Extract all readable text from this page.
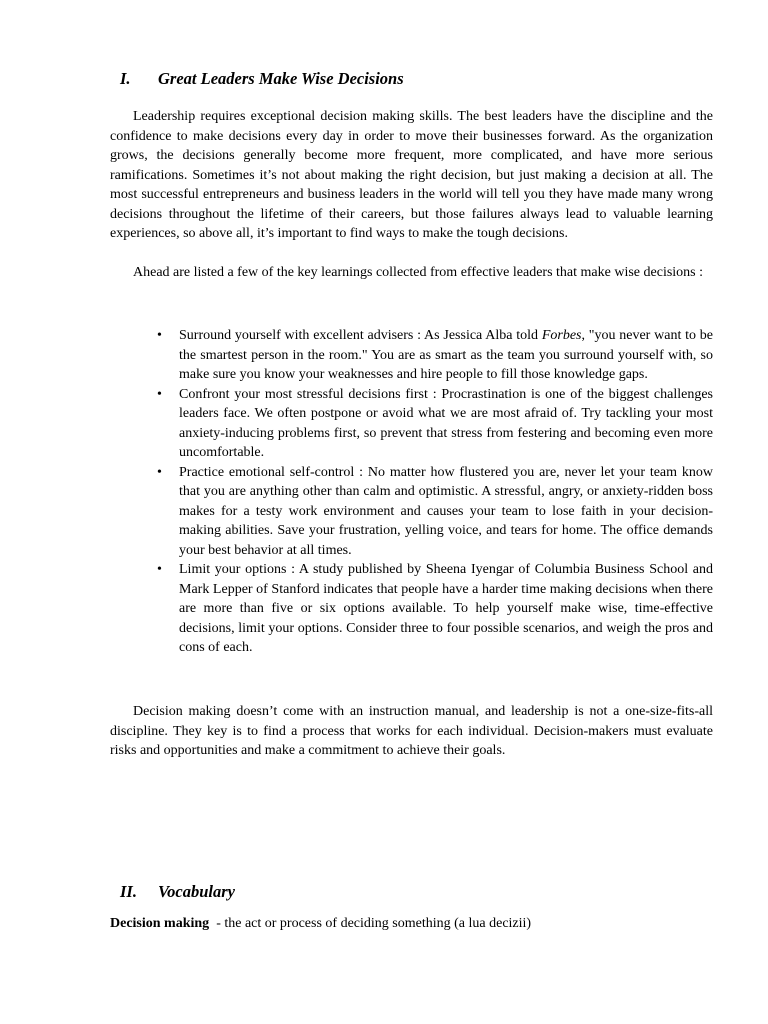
I. Great Leaders Make Wise Decisions

Leadership requires exceptional decision making skills. The best leaders have the discipline and the confidence to make decisions every day in order to move their businesses forward. As the organization grows, the decisions generally become more frequent, more complicated, and have more serious ramifications. Sometimes it’s not about making the right decision, but just making a decision at all. The most successful entrepreneurs and business leaders in the world will tell you they have made many wrong decisions throughout the lifetime of their careers, but those failures always lead to valuable learning experiences, so above all, it’s important to find ways to make the tough decisions.

Ahead are listed a few of the key learnings collected from effective leaders that make wise decisions :

• Surround yourself with excellent advisers : As Jessica Alba told Forbes, "you never want to be the smartest person in the room." You are as smart as the team you surround yourself with, so make sure you know your weaknesses and hire people to fill those knowledge gaps.
• Confront your most stressful decisions first : Procrastination is one of the biggest challenges leaders face. We often postpone or avoid what we are most afraid of. Try tackling your most anxiety-inducing problems first, so prevent that stress from festering and becoming even more uncomfortable.
• Practice emotional self-control : No matter how flustered you are, never let your team know that you are anything other than calm and optimistic. A stressful, angry, or anxiety-ridden boss makes for a testy work environment and causes your team to lose faith in your decision-making abilities. Save your frustration, yelling voice, and tears for home. The office demands your best behavior at all times.
• Limit your options : A study published by Sheena Iyengar of Columbia Business School and Mark Lepper of Stanford indicates that people have a harder time making decisions when there are more than five or six options available. To help yourself make wise, time-effective decisions, limit your options. Consider three to four possible scenarios, and weigh the pros and cons of each.

Decision making doesn’t come with an instruction manual, and leadership is not a one-size-fits-all discipline. They key is to find a process that works for each individual. Decision-makers must evaluate risks and opportunities and make a commitment to achieve their goals.

II. Vocabulary
Decision making  - the act or process of deciding something (a lua decizii)
